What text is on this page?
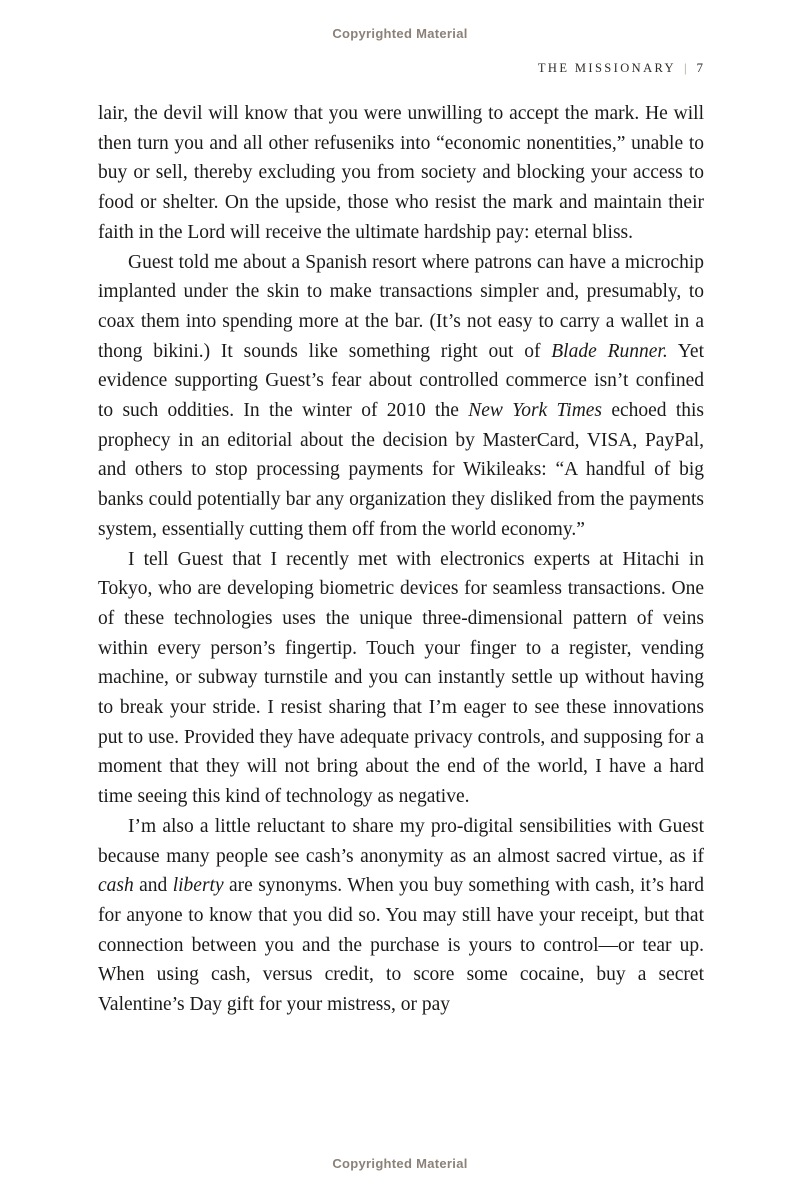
Copyrighted Material
THE MISSIONARY | 7

lair, the devil will know that you were unwilling to accept the mark. He will then turn you and all other refuseniks into “economic nonentities,” unable to buy or sell, thereby excluding you from society and blocking your access to food or shelter. On the upside, those who resist the mark and maintain their faith in the Lord will receive the ultimate hardship pay: eternal bliss.

Guest told me about a Spanish resort where patrons can have a microchip implanted under the skin to make transactions simpler and, presumably, to coax them into spending more at the bar. (It’s not easy to carry a wallet in a thong bikini.) It sounds like something right out of Blade Runner. Yet evidence supporting Guest’s fear about controlled commerce isn’t confined to such oddities. In the winter of 2010 the New York Times echoed this prophecy in an editorial about the decision by MasterCard, VISA, PayPal, and others to stop processing payments for Wikileaks: “A handful of big banks could potentially bar any organization they disliked from the payments system, essentially cutting them off from the world economy.”

I tell Guest that I recently met with electronics experts at Hitachi in Tokyo, who are developing biometric devices for seamless transactions. One of these technologies uses the unique three-dimensional pattern of veins within every person’s fingertip. Touch your finger to a register, vending machine, or subway turnstile and you can instantly settle up without having to break your stride. I resist sharing that I’m eager to see these innovations put to use. Provided they have adequate privacy controls, and supposing for a moment that they will not bring about the end of the world, I have a hard time seeing this kind of technology as negative.

I’m also a little reluctant to share my pro-digital sensibilities with Guest because many people see cash’s anonymity as an almost sacred virtue, as if cash and liberty are synonyms. When you buy something with cash, it’s hard for anyone to know that you did so. You may still have your receipt, but that connection between you and the purchase is yours to control—or tear up. When using cash, versus credit, to score some cocaine, buy a secret Valentine’s Day gift for your mistress, or pay

Copyrighted Material
